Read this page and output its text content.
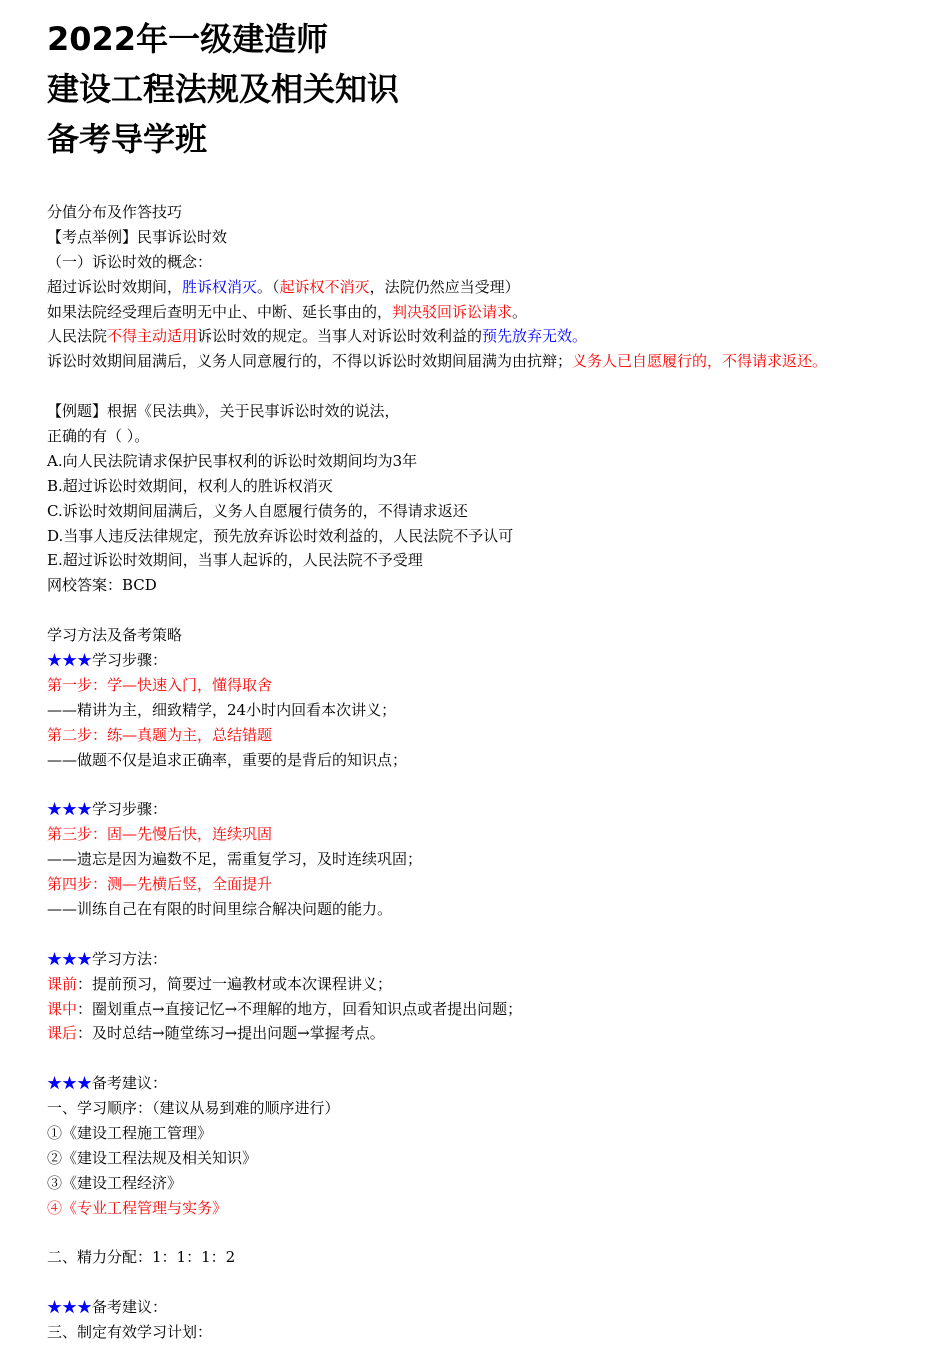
2022年一级建造师
建设工程法规及相关知识
备考导学班
分值分布及作答技巧
【考点举例】民事诉讼时效
（一）诉讼时效的概念：
超过诉讼时效期间，胜诉权消灭。（起诉权不消灭，法院仍然应当受理）
如果法院经受理后查明无中止、中断、延长事由的，判决驳回诉讼请求。
人民法院不得主动适用诉讼时效的规定。当事人对诉讼时效利益的预先放弃无效。
诉讼时效期间届满后，义务人同意履行的，不得以诉讼时效期间届满为由抗辩；义务人已自愿履行的，不得请求返还。
【例题】根据《民法典》，关于民事诉讼时效的说法，
正确的有（ ）。
A.向人民法院请求保护民事权利的诉讼时效期间均为3年
B.超过诉讼时效期间，权利人的胜诉权消灭
C.诉讼时效期间届满后，义务人自愿履行债务的，不得请求返还
D.当事人违反法律规定，预先放弃诉讼时效利益的，人民法院不予认可
E.超过诉讼时效期间，当事人起诉的，人民法院不予受理
网校答案：BCD
学习方法及备考策略
★★★学习步骤：
第一步：学—快速入门，懂得取舍
——精讲为主，细致精学，24小时内回看本次讲义；
第二步：练—真题为主，总结错题
——做题不仅是追求正确率，重要的是背后的知识点；
★★★学习步骤：
第三步：固—先慢后快，连续巩固
——遗忘是因为遍数不足，需重复学习，及时连续巩固；
第四步：测—先横后竖，全面提升
——训练自己在有限的时间里综合解决问题的能力。
★★★学习方法：
课前：提前预习，简要过一遍教材或本次课程讲义；
课中：圈划重点→直接记忆→不理解的地方，回看知识点或者提出问题；
课后：及时总结→随堂练习→提出问题→掌握考点。
★★★备考建议：
一、学习顺序：（建议从易到难的顺序进行）
①《建设工程施工管理》
②《建设工程法规及相关知识》
③《建设工程经济》
④《专业工程管理与实务》
二、精力分配：1：1：1：2
★★★备考建议：
三、制定有效学习计划：
